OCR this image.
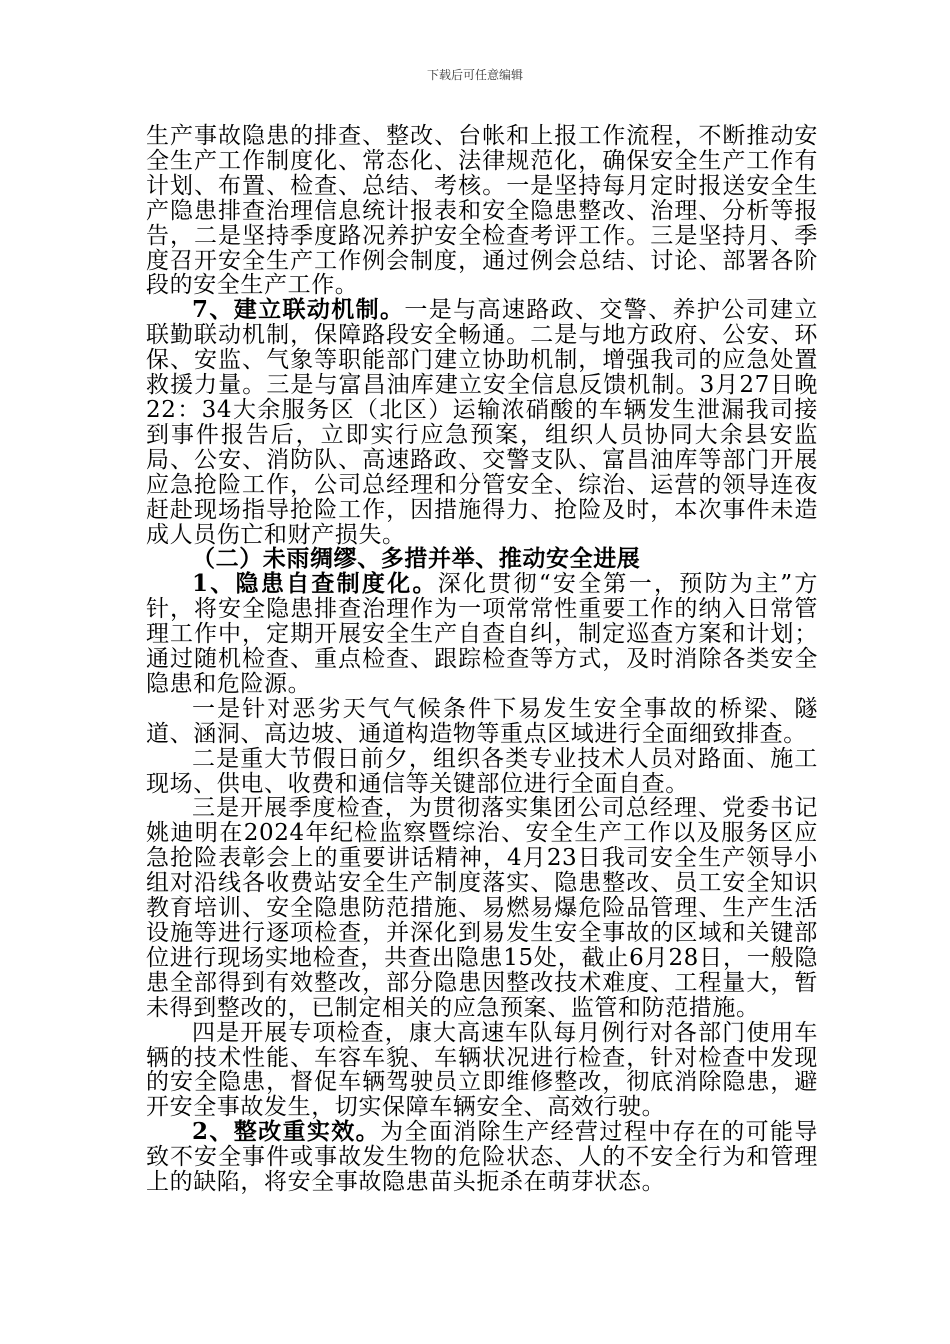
下载后可任意编辑

生产事故隐患的排查、整改、台帐和上报工作流程，不断推动安全生产工作制度化、常态化、法律规范化，确保安全生产工作有计划、布置、检查、总结、考核。一是坚持每月定时报送安全生产隐患排查治理信息统计报表和安全隐患整改、治理、分析等报告，二是坚持季度路况养护安全检查考评工作。三是坚持月、季度召开安全生产工作例会制度，通过例会总结、讨论、部署各阶段的安全生产工作。

7、建立联动机制。一是与高速路政、交警、养护公司建立联勤联动机制，保障路段安全畅通。二是与地方政府、公安、环保、安监、气象等职能部门建立协助机制，增强我司的应急处置救援力量。三是与富昌油库建立安全信息反馈机制。3月27日晚22：34大余服务区（北区）运输浓硝酸的车辆发生泄漏我司接到事件报告后，立即实行应急预案，组织人员协同大余县安监局、公安、消防队、高速路政、交警支队、富昌油库等部门开展应急抢险工作，公司总经理和分管安全、综治、运营的领导连夜赶赴现场指导抢险工作，因措施得力、抢险及时，本次事件未造成人员伤亡和财产损失。

（二）未雨绸缪、多措并举、推动安全进展

1、隐患自查制度化。深化贯彻“安全第一，预防为主”方针，将安全隐患排查治理作为一项常常性重要工作的纳入日常管理工作中，定期开展安全生产自查自纠，制定巡查方案和计划；通过随机检查、重点检查、跟踪检查等方式，及时消除各类安全隐患和危险源。

一是针对恶劣天气气候条件下易发生安全事故的桥梁、隧道、涵洞、高边坡、通道构造物等重点区域进行全面细致排查。

二是重大节假日前夕，组织各类专业技术人员对路面、施工现场、供电、收费和通信等关键部位进行全面自查。

三是开展季度检查，为贯彻落实集团公司总经理、党委书记姚迪明在2024年纪检监察暨综治、安全生产工作以及服务区应急抢险表彰会上的重要讲话精神，4月23日我司安全生产领导小组对沿线各收费站安全生产制度落实、隐患整改、员工安全知识教育培训、安全隐患防范措施、易燃易爆危险品管理、生产生活设施等进行逐项检查，并深化到易发生安全事故的区域和关键部位进行现场实地检查，共查出隐患15处，截止6月28日，一般隐患全部得到有效整改，部分隐患因整改技术难度、工程量大，暂未得到整改的，已制定相关的应急预案、监管和防范措施。

四是开展专项检查，康大高速车队每月例行对各部门使用车辆的技术性能、车容车貌、车辆状况进行检查，针对检查中发现的安全隐患，督促车辆驾驶员立即维修整改，彻底消除隐患，避开安全事故发生，切实保障车辆安全、高效行驶。

2、整改重实效。为全面消除生产经营过程中存在的可能导致不安全事件或事故发生物的危险状态、人的不安全行为和管理上的缺陷，将安全事故隐患苗头扼杀在萌芽状态。
